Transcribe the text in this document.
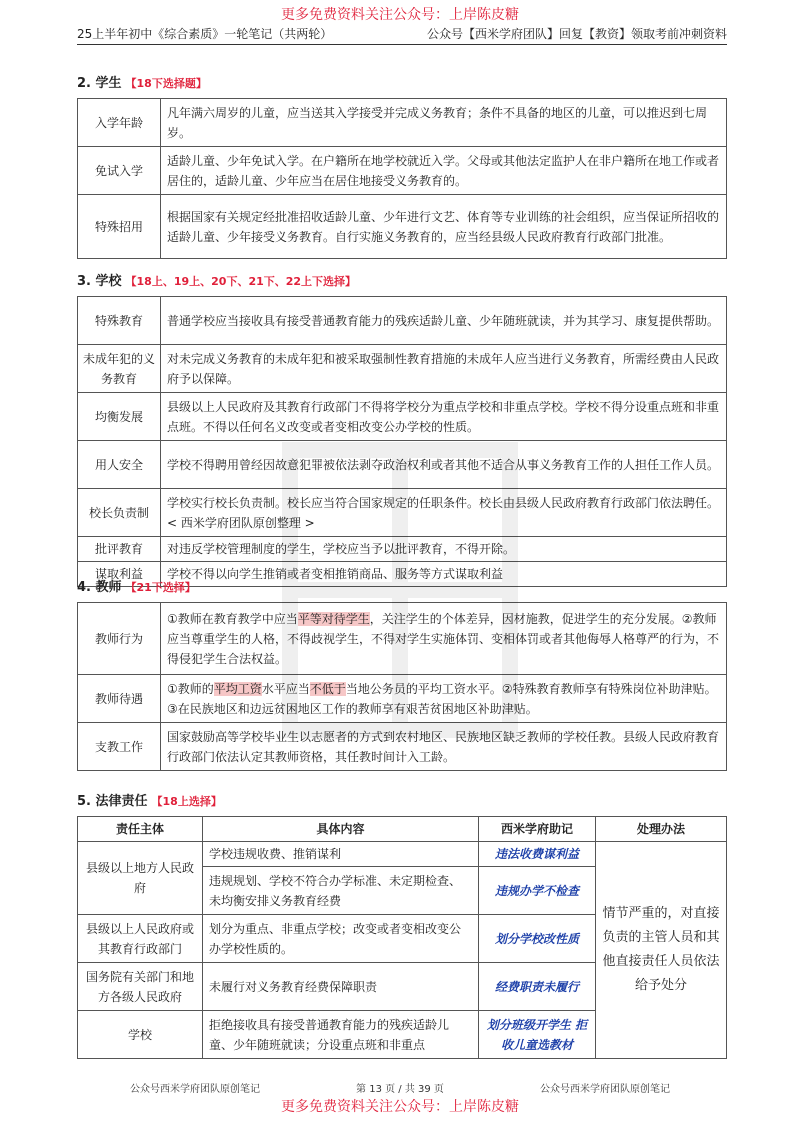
更多免费资料关注公众号：上岸陈皮糖
25上半年初中《综合素质》一轮笔记（共两轮）	公众号【西米学府团队】回复【教资】领取考前冲刺资料
2. 学生 【18下选择题】
入学年龄	凡年满六周岁的儿童，应当送其入学接受并完成义务教育；条件不具备的地区的儿童，可以推迟到七周岁。
免试入学	适龄儿童、少年免试入学。在户籍所在地学校就近入学。父母或其他法定监护人在非户籍所在地工作或者居住的，适龄儿童、少年应当在居住地接受义务教育的。
特殊招用	根据国家有关规定经批准招收适龄儿童、少年进行文艺、体育等专业训练的社会组织，应当保证所招收的适龄儿童、少年接受义务教育。自行实施义务教育的，应当经县级人民政府教育行政部门批准。
3. 学校 【18上、19上、20下、21下、22上下选择】
特殊教育	普通学校应当接收具有接受普通教育能力的残疾适龄儿童、少年随班就读，并为其学习、康复提供帮助。
未成年犯的义务教育	对未完成义务教育的未成年犯和被采取强制性教育措施的未成年人应当进行义务教育，所需经费由人民政府予以保障。
均衡发展	县级以上人民政府及其教育行政部门不得将学校分为重点学校和非重点学校。学校不得分设重点班和非重点班。不得以任何名义改变或者变相改变公办学校的性质。
用人安全	学校不得聘用曾经因故意犯罪被依法剥夺政治权利或者其他不适合从事义务教育工作的人担任工作人员。
校长负责制	学校实行校长负责制。校长应当符合国家规定的任职条件。校长由县级人民政府教育行政部门依法聘任。< 西米学府团队原创整理 >
批评教育	对违反学校管理制度的学生，学校应当予以批评教育，不得开除。
谋取利益	学校不得以向学生推销或者变相推销商品、服务等方式谋取利益
4. 教师 【21下选择】
教师行为	①教师在教育教学中应当平等对待学生，关注学生的个体差异，因材施教，促进学生的充分发展。②教师应当尊重学生的人格，不得歧视学生，不得对学生实施体罚、变相体罚或者其他侮辱人格尊严的行为，不得侵犯学生合法权益。
教师待遇	①教师的平均工资水平应当不低于当地公务员的平均工资水平。②特殊教育教师享有特殊岗位补助津贴。③在民族地区和边远贫困地区工作的教师享有艰苦贫困地区补助津贴。
支教工作	国家鼓励高等学校毕业生以志愿者的方式到农村地区、民族地区缺乏教师的学校任教。县级人民政府教育行政部门依法认定其教师资格，其任教时间计入工龄。
5. 法律责任 【18上选择】
责任主体	具体内容	西米学府助记	处理办法
县级以上地方人民政府	学校违规收费、推销谋利	违法收费谋利益	情节严重的，对直接负责的主管人员和其他直接责任人员依法给予处分
	违规规划、学校不符合办学标准、未定期检查、未均衡安排义务教育经费	违规办学不检查	
县级以上人民政府或其教育行政部门	划分为重点、非重点学校；改变或者变相改变公办学校性质的。	划分学校改性质	
国务院有关部门和地方各级人民政府	未履行对义务教育经费保障职责	经费职责未履行	
学校	拒绝接收具有接受普通教育能力的残疾适龄儿童、少年随班就读；分设重点班和非重点	划分班级开学生 拒收儿童选教材	
公众号西米学府团队原创笔记	第 13 页 / 共 39 页	公众号西米学府团队原创笔记
更多免费资料关注公众号：上岸陈皮糖
